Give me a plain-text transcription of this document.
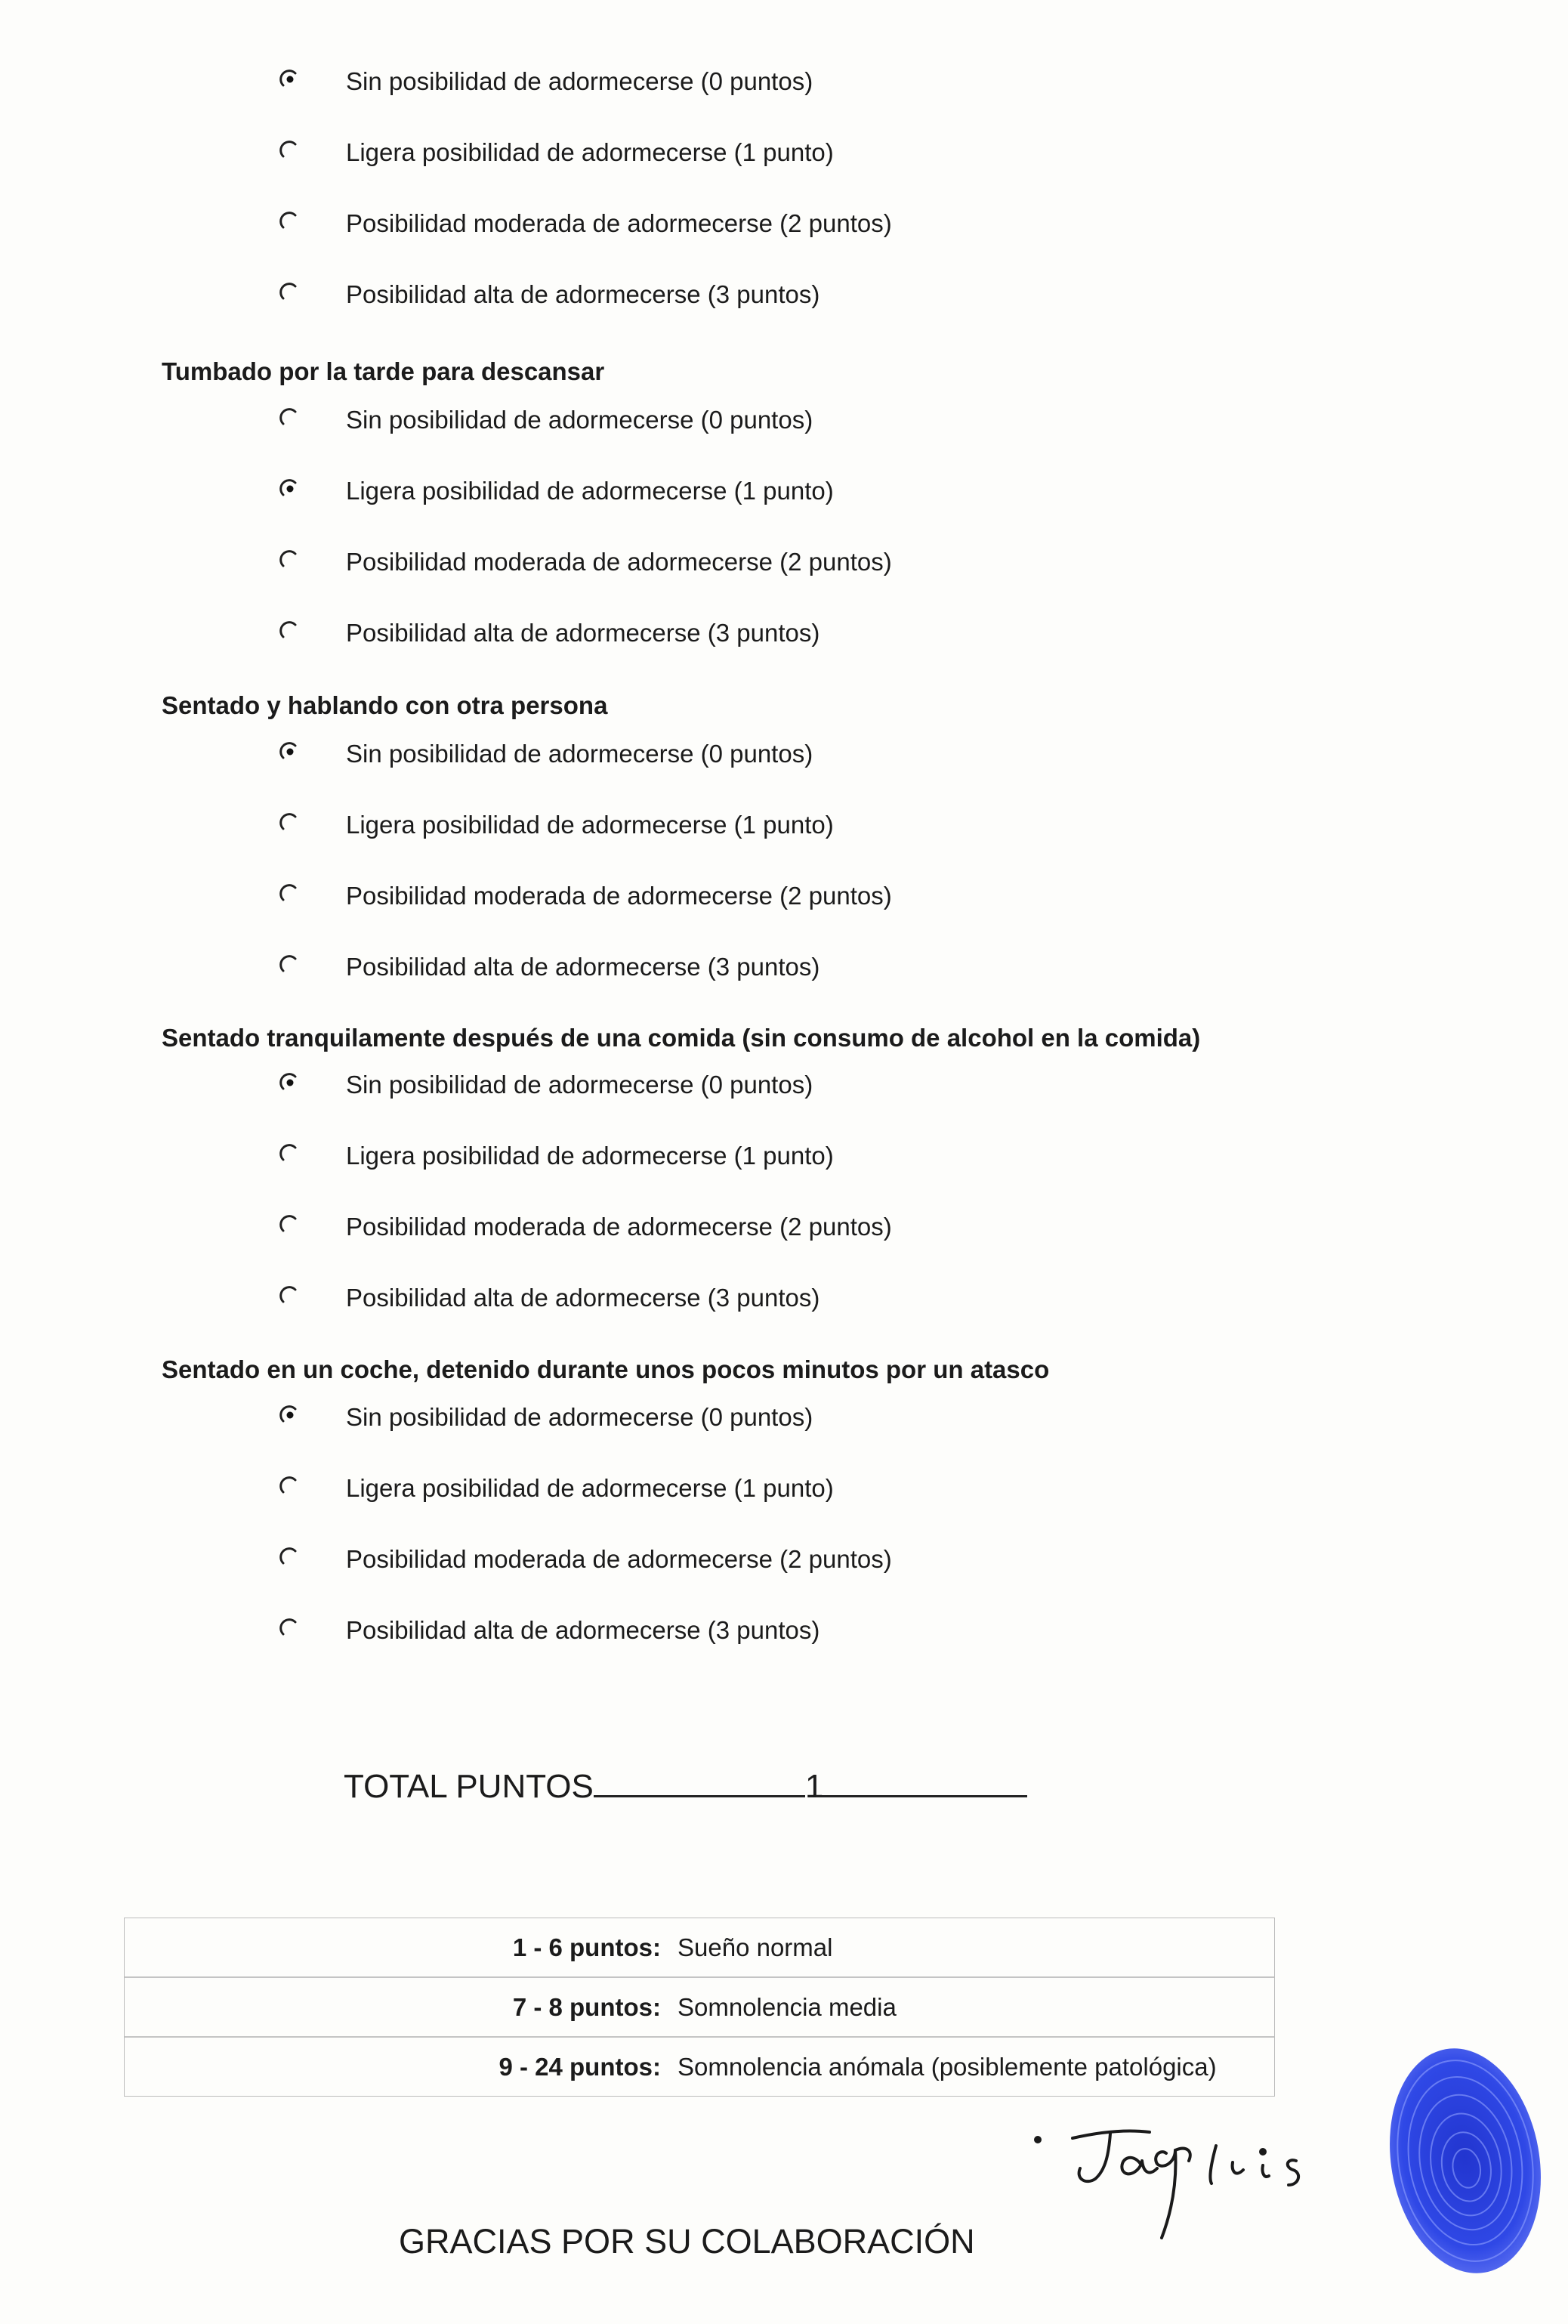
Sin posibilidad de adormecerse (0 puntos)
Ligera posibilidad de adormecerse (1 punto)
Posibilidad moderada de adormecerse (2 puntos)
Posibilidad alta de adormecerse (3 puntos)

Tumbado por la tarde para descansar

Sin posibilidad de adormecerse (0 puntos)
Ligera posibilidad de adormecerse (1 punto)
Posibilidad moderada de adormecerse (2 puntos)
Posibilidad alta de adormecerse (3 puntos)

Sentado y hablando con otra persona

Sin posibilidad de adormecerse (0 puntos)
Ligera posibilidad de adormecerse (1 punto)
Posibilidad moderada de adormecerse (2 puntos)
Posibilidad alta de adormecerse (3 puntos)

Sentado tranquilamente después de una comida (sin consumo de alcohol en la comida)

Sin posibilidad de adormecerse (0 puntos)
Ligera posibilidad de adormecerse (1 punto)
Posibilidad moderada de adormecerse (2 puntos)
Posibilidad alta de adormecerse (3 puntos)

Sentado en un coche, detenido durante unos pocos minutos por un atasco

Sin posibilidad de adormecerse (0 puntos)
Ligera posibilidad de adormecerse (1 punto)
Posibilidad moderada de adormecerse (2 puntos)
Posibilidad alta de adormecerse (3 puntos)
TOTAL PUNTOS	1
1 - 6 puntos: Sueño normal
7 - 8 puntos: Somnolencia media
9 - 24 puntos: Somnolencia anómala (posiblemente patológica)
GRACIAS POR SU COLABORACIÓN
